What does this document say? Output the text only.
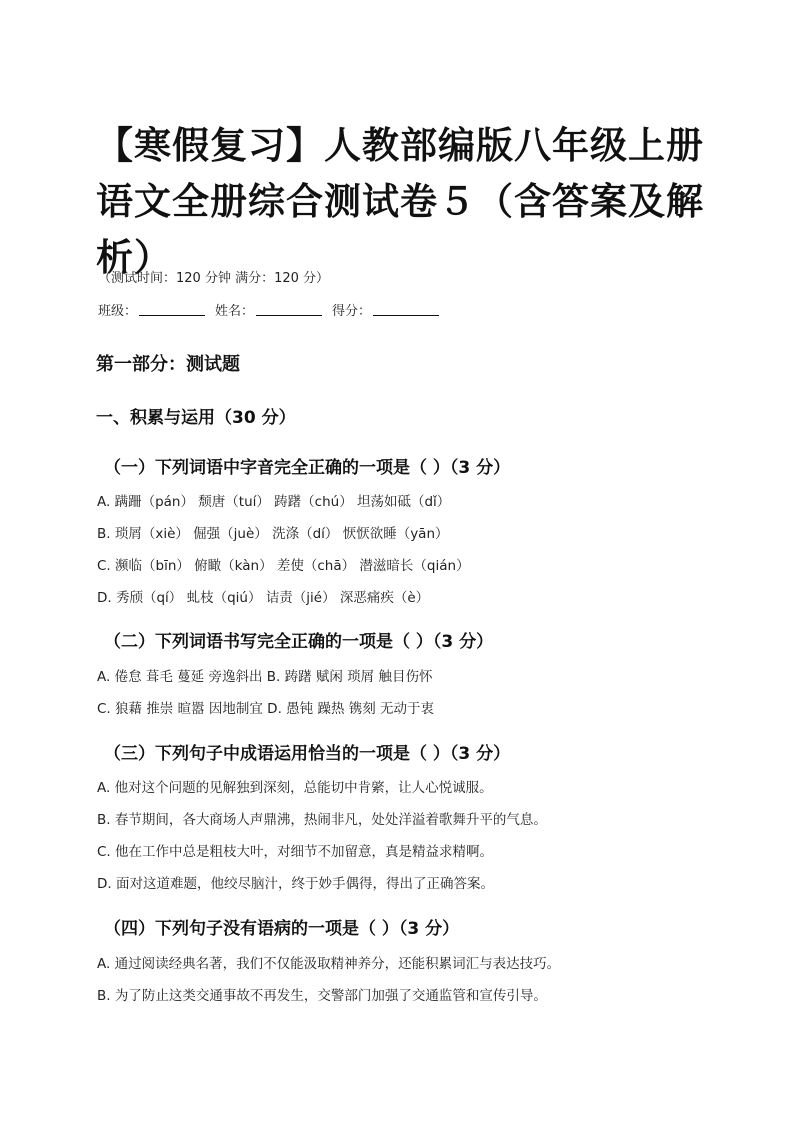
【寒假复习】人教部编版八年级上册语文全册综合测试卷５（含答案及解析）
（测试时间：120 分钟 满分：120 分）
班级：	姓名：	得分：
第一部分：测试题
一、积累与运用（30 分）
（一）下列词语中字音完全正确的一项是（ ）（3 分）
A. 蹒跚（pán） 颓唐（tuí） 踌躇（chú） 坦荡如砥（dǐ）
B. 琐屑（xiè） 倔强（juè） 洗涤（dí） 恹恹欲睡（yān）
C. 濒临（bīn） 俯瞰（kàn） 差使（chā） 潜滋暗长（qián）
D. 秀颀（qí） 虬枝（qiú） 诘责（jié） 深恶痛疾（è）
（二）下列词语书写完全正确的一项是（ ）（3 分）
A. 倦怠 葺毛 蔓延 旁逸斜出 B. 踌躇 赋闲 琐屑 触目伤怀
C. 狼藉 推崇 暄嚣 因地制宜 D. 愚钝 躁热 镌刻 无动于衷
（三）下列句子中成语运用恰当的一项是（ ）（3 分）
A. 他对这个问题的见解独到深刻，总能切中肯綮，让人心悦诚服。
B. 春节期间，各大商场人声鼎沸，热闹非凡，处处洋溢着歌舞升平的气息。
C. 他在工作中总是粗枝大叶，对细节不加留意，真是精益求精啊。
D. 面对这道难题，他绞尽脑汁，终于妙手偶得，得出了正确答案。
（四）下列句子没有语病的一项是（ ）（3 分）
A. 通过阅读经典名著，我们不仅能汲取精神养分，还能积累词汇与表达技巧。
B. 为了防止这类交通事故不再发生，交警部门加强了交通监管和宣传引导。
